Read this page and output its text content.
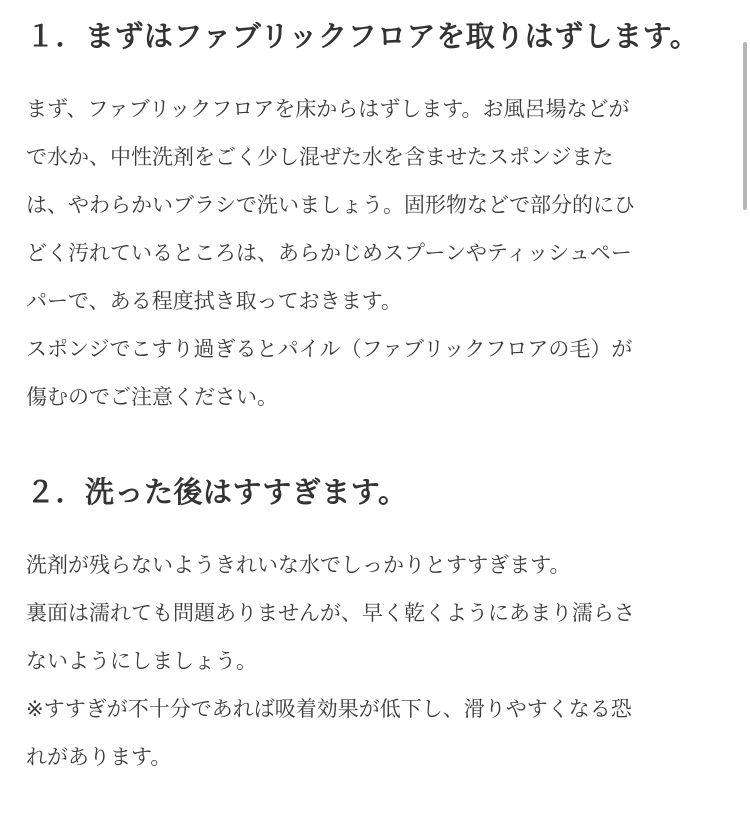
１．まずはファブリックフロアを取りはずします。

まず、ファブリックフロアを床からはずします。お風呂場などが

で水か、中性洗剤をごく少し混ぜた水を含ませたスポンジまた

は、やわらかいブラシで洗いましょう。固形物などで部分的にひ

どく汚れているところは、あらかじめスプーンやティッシュペー

パーで、ある程度拭き取っておきます。

スポンジでこすり過ぎるとパイル（ファブリックフロアの毛）が

傷むのでご注意ください。

２．洗った後はすすぎます。

洗剤が残らないようきれいな水でしっかりとすすぎます。

裏面は濡れても問題ありませんが、早く乾くようにあまり濡らさ

ないようにしましょう。

※すすぎが不十分であれば吸着効果が低下し、滑りやすくなる恐

れがあります。
